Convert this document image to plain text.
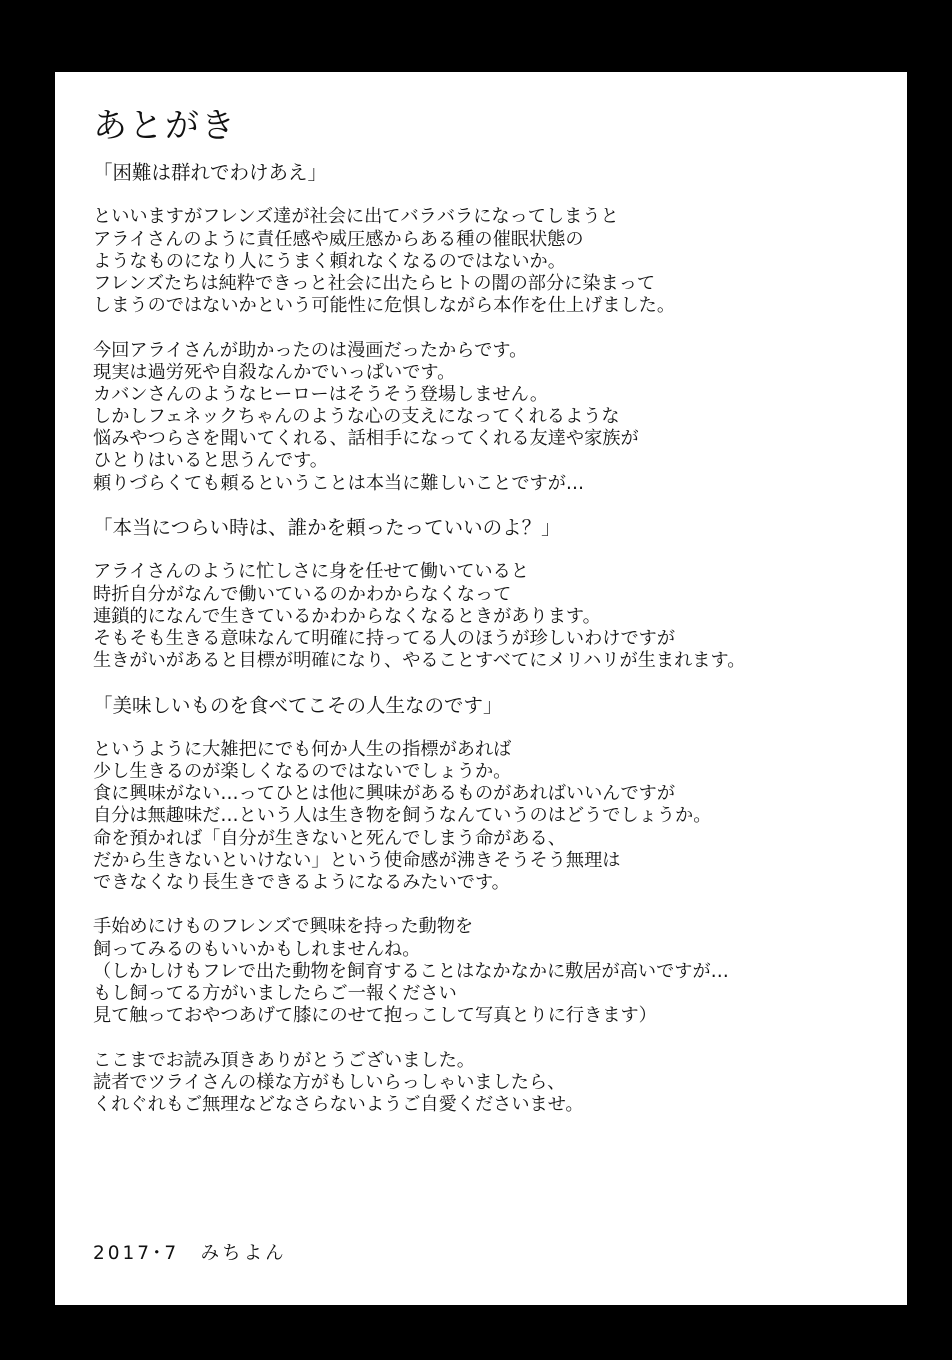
あとがき
「困難は群れでわけあえ」
といいますがフレンズ達が社会に出てバラバラになってしまうと
アライさんのように責任感や威圧感からある種の催眠状態の
ようなものになり人にうまく頼れなくなるのではないか。
フレンズたちは純粋できっと社会に出たらヒトの闇の部分に染まって
しまうのではないかという可能性に危惧しながら本作を仕上げました。
今回アライさんが助かったのは漫画だったからです。
現実は過労死や自殺なんかでいっぱいです。
カバンさんのようなヒーローはそうそう登場しません。
しかしフェネックちゃんのような心の支えになってくれるような
悩みやつらさを聞いてくれる、話相手になってくれる友達や家族が
ひとりはいると思うんです。
頼りづらくても頼るということは本当に難しいことですが…
「本当につらい時は、誰かを頼ったっていいのよ？」
アライさんのように忙しさに身を任せて働いていると
時折自分がなんで働いているのかわからなくなって
連鎖的になんで生きているかわからなくなるときがあります。
そもそも生きる意味なんて明確に持ってる人のほうが珍しいわけですが
生きがいがあると目標が明確になり、やることすべてにメリハリが生まれます。
「美味しいものを食べてこその人生なのです」
というように大雑把にでも何か人生の指標があれば
少し生きるのが楽しくなるのではないでしょうか。
食に興味がない…ってひとは他に興味があるものがあればいいんですが
自分は無趣味だ…という人は生き物を飼うなんていうのはどうでしょうか。
命を預かれば「自分が生きないと死んでしまう命がある、
だから生きないといけない」という使命感が沸きそうそう無理は
できなくなり長生きできるようになるみたいです。
手始めにけものフレンズで興味を持った動物を
飼ってみるのもいいかもしれませんね。
（しかしけもフレで出た動物を飼育することはなかなかに敷居が高いですが…
もし飼ってる方がいましたらご一報ください
見て触っておやつあげて膝にのせて抱っこして写真とりに行きます）
ここまでお読み頂きありがとうございました。
読者でツライさんの様な方がもしいらっしゃいましたら、
くれぐれもご無理などなさらないようご自愛くださいませ。
2017･7　みちよん
